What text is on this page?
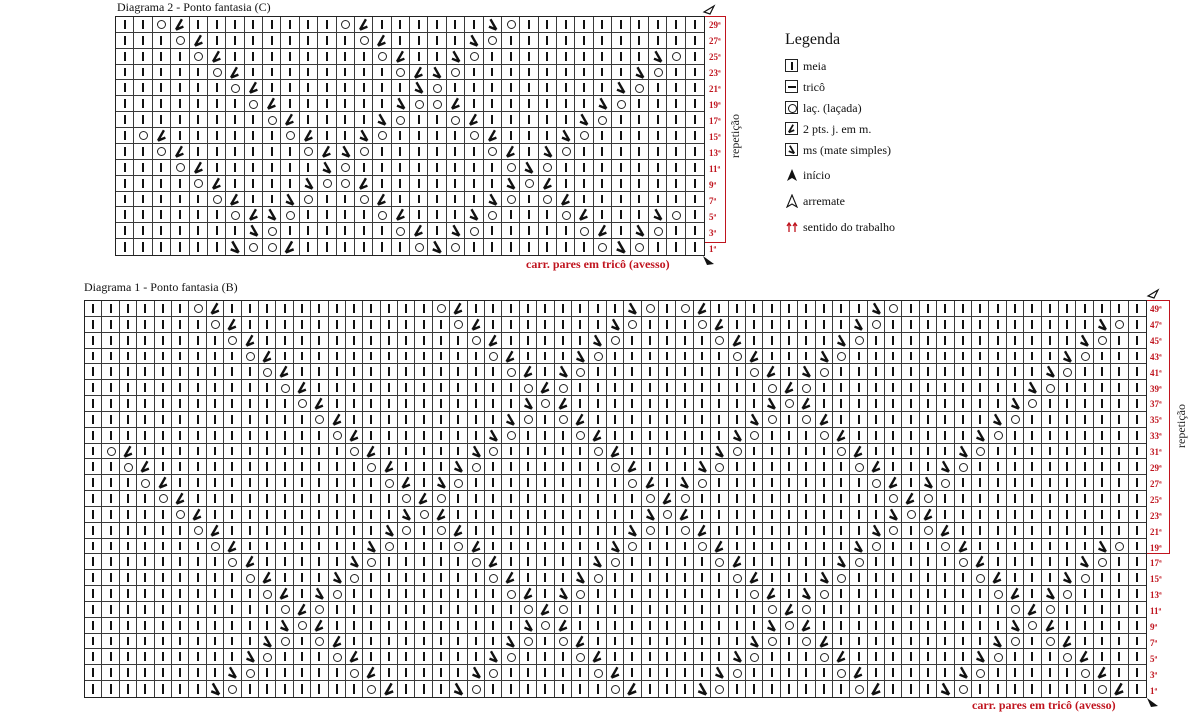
Diagrama 2 - Ponto fantasia (C)
29ª
27ª
25ª
23ª
21ª
19ª
17ª
15ª
13ª
11ª
9ª
7ª
5ª
3ª
1ª
repetição
carr. pares em tricô (avesso)
Legenda
meia
tricô
laç. (laçada)
2 pts. j. em m.
ms (mate simples)
início
arremate
sentido do trabalho
Diagrama 1 - Ponto fantasia (B)
49ª
47ª
45ª
43ª
41ª
39ª
37ª
35ª
33ª
31ª
29ª
27ª
25ª
23ª
21ª
19ª
17ª
15ª
13ª
11ª
9ª
7ª
5ª
3ª
1ª
repetição
carr. pares em tricô (avesso)
